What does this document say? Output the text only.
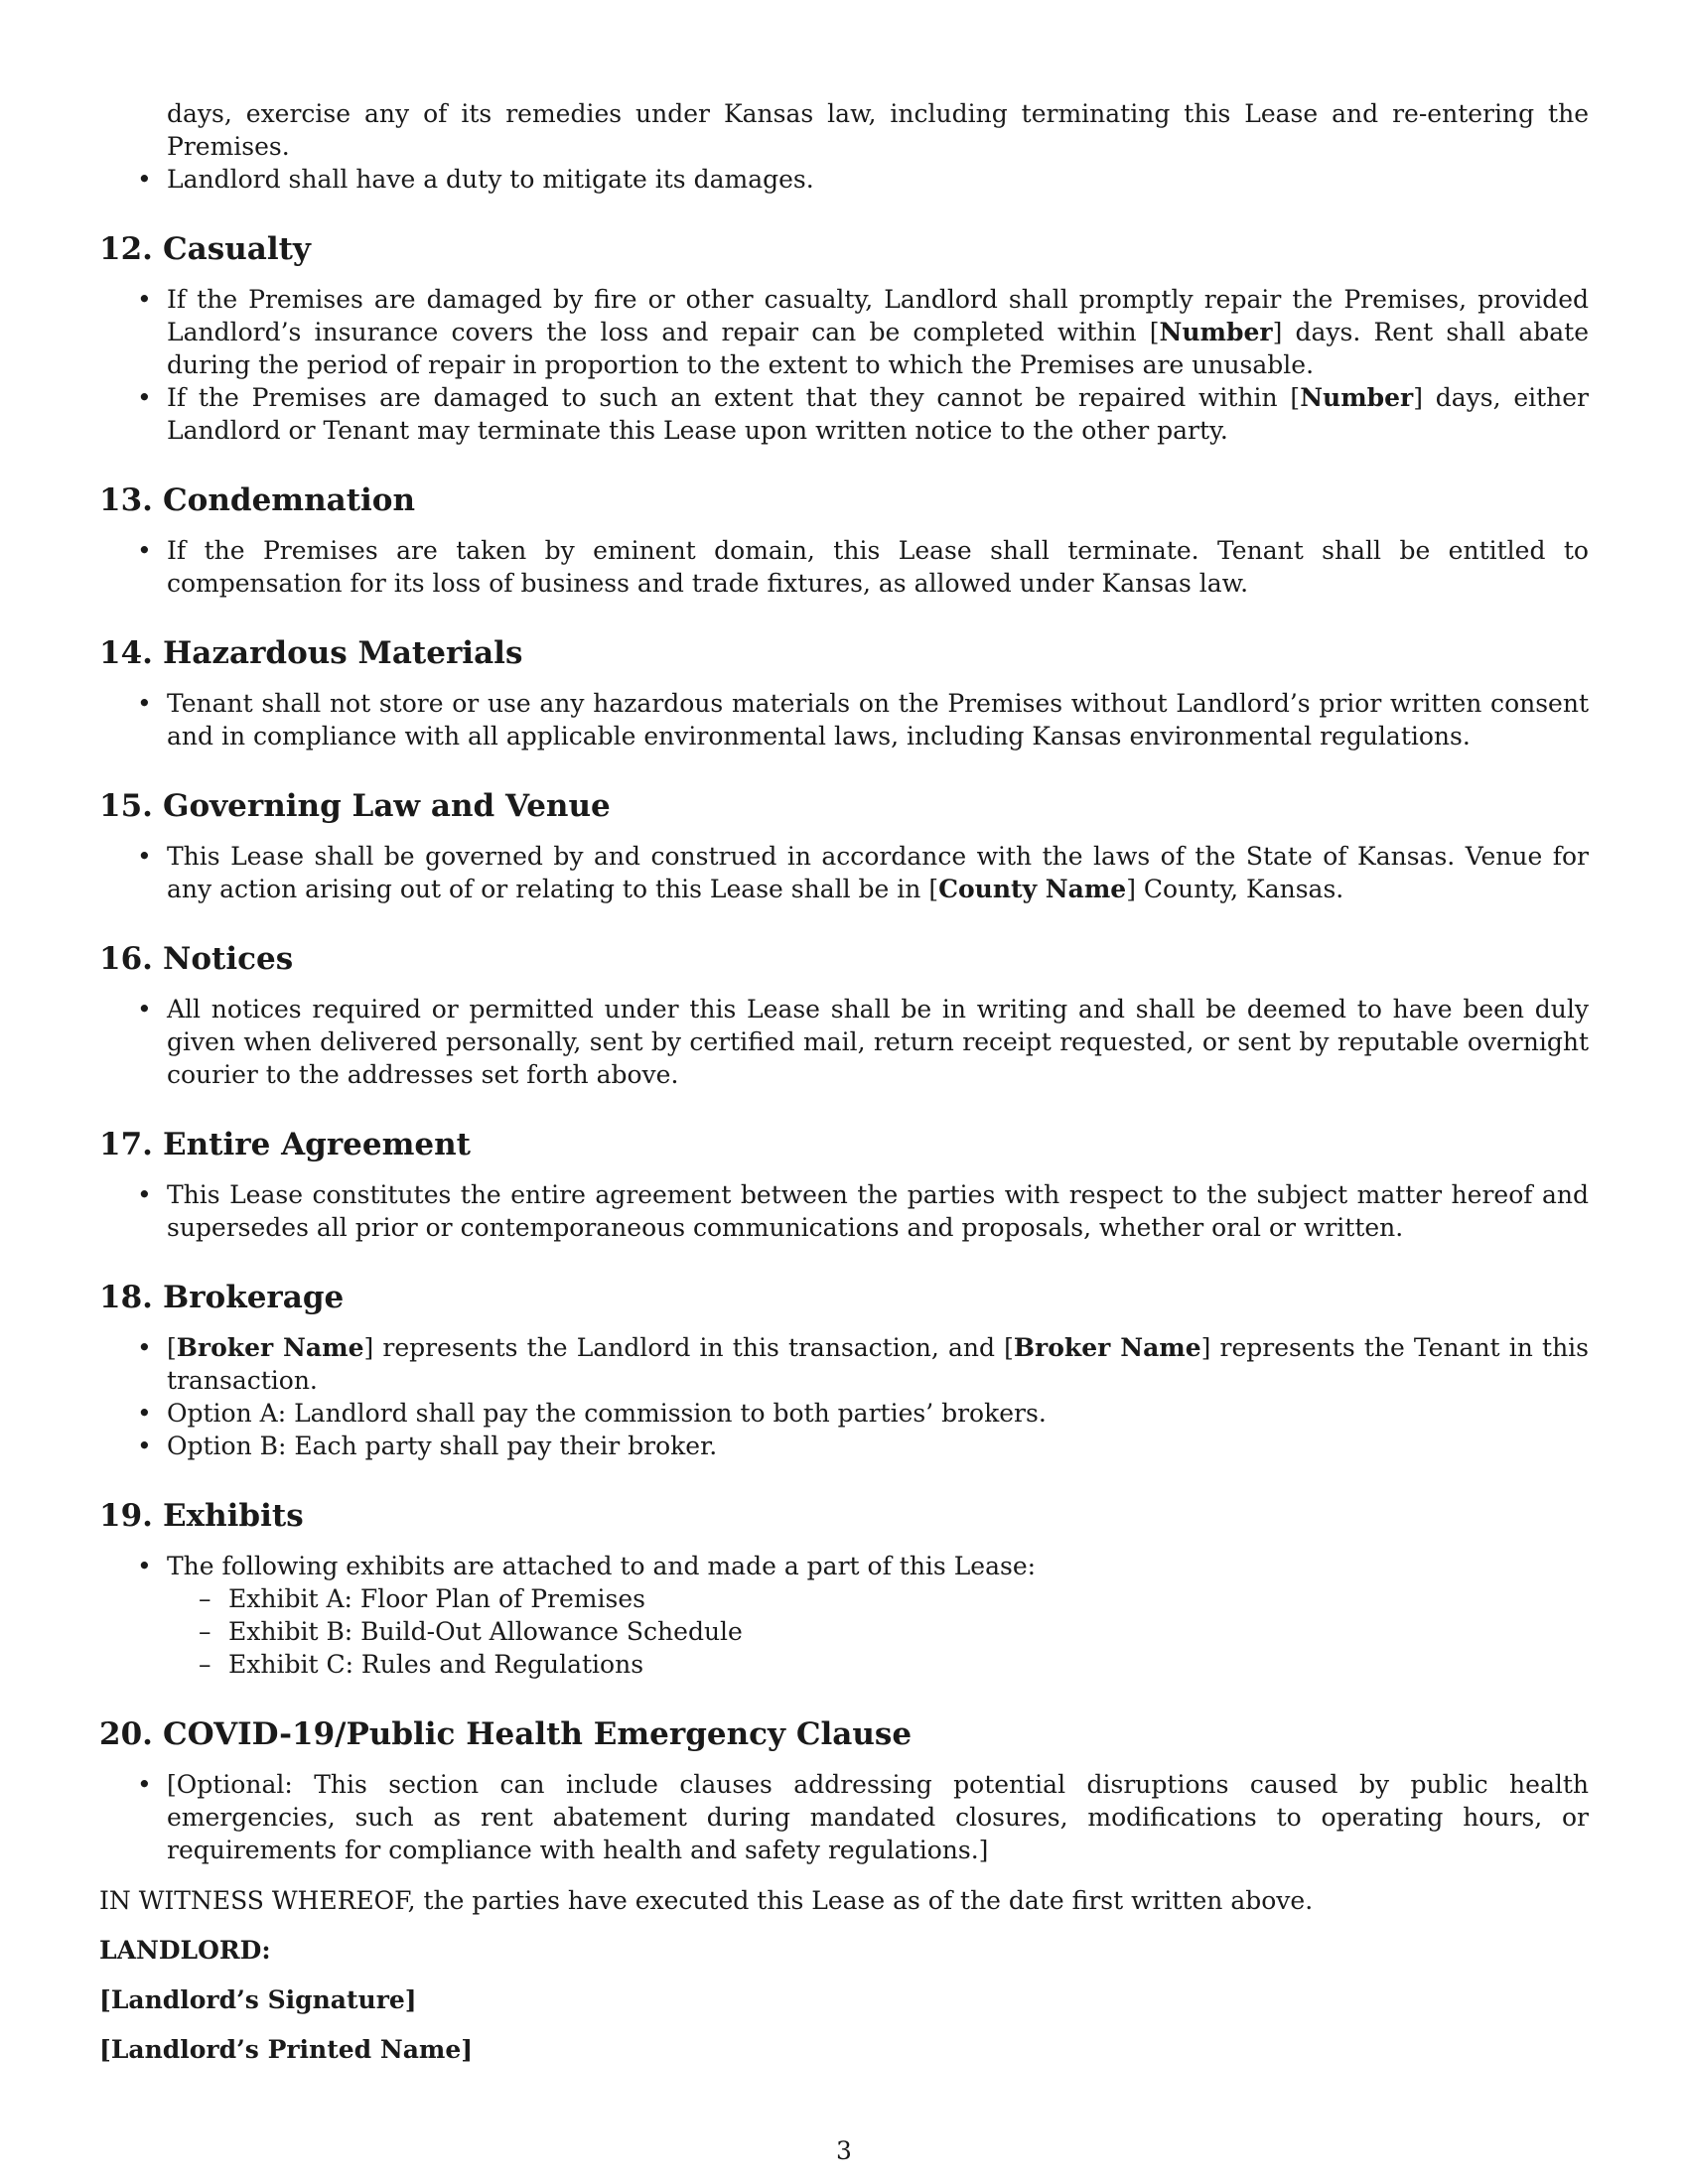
days, exercise any of its remedies under Kansas law, including terminating this Lease and re-entering the Premises.
• Landlord shall have a duty to mitigate its damages.
12. Casualty
• If the Premises are damaged by fire or other casualty, Landlord shall promptly repair the Premises, provided Landlord’s insurance covers the loss and repair can be completed within [Number] days. Rent shall abate during the period of repair in proportion to the extent to which the Premises are unusable.
• If the Premises are damaged to such an extent that they cannot be repaired within [Number] days, either Landlord or Tenant may terminate this Lease upon written notice to the other party.
13. Condemnation
• If the Premises are taken by eminent domain, this Lease shall terminate. Tenant shall be entitled to compensation for its loss of business and trade fixtures, as allowed under Kansas law.
14. Hazardous Materials
• Tenant shall not store or use any hazardous materials on the Premises without Landlord’s prior written consent and in compliance with all applicable environmental laws, including Kansas environmental regulations.
15. Governing Law and Venue
• This Lease shall be governed by and construed in accordance with the laws of the State of Kansas. Venue for any action arising out of or relating to this Lease shall be in [County Name] County, Kansas.
16. Notices
• All notices required or permitted under this Lease shall be in writing and shall be deemed to have been duly given when delivered personally, sent by certified mail, return receipt requested, or sent by reputable overnight courier to the addresses set forth above.
17. Entire Agreement
• This Lease constitutes the entire agreement between the parties with respect to the subject matter hereof and supersedes all prior or contemporaneous communications and proposals, whether oral or written.
18. Brokerage
• [Broker Name] represents the Landlord in this transaction, and [Broker Name] represents the Tenant in this transaction.
• Option A: Landlord shall pay the commission to both parties’ brokers.
• Option B: Each party shall pay their broker.
19. Exhibits
• The following exhibits are attached to and made a part of this Lease:
– Exhibit A: Floor Plan of Premises
– Exhibit B: Build-Out Allowance Schedule
– Exhibit C: Rules and Regulations
20. COVID-19/Public Health Emergency Clause
• [Optional: This section can include clauses addressing potential disruptions caused by public health emergencies, such as rent abatement during mandated closures, modifications to operating hours, or requirements for compliance with health and safety regulations.]

IN WITNESS WHEREOF, the parties have executed this Lease as of the date first written above.

LANDLORD:

[Landlord’s Signature]

[Landlord’s Printed Name]

3
